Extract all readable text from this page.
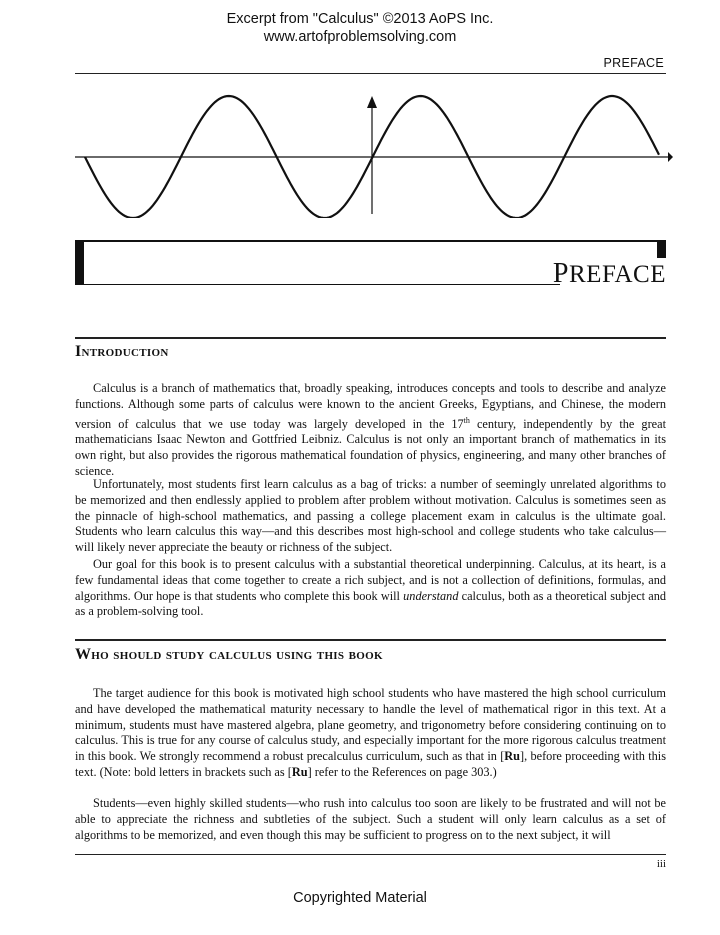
Excerpt from "Calculus" ©2013 AoPS Inc.
www.artofproblemsolving.com
PREFACE
PREFACE
Introduction

Calculus is a branch of mathematics that, broadly speaking, introduces concepts and tools to describe and analyze functions. Although some parts of calculus were known to the ancient Greeks, Egyptians, and Chinese, the modern version of calculus that we use today was largely developed in the 17th century, independently by the great mathematicians Isaac Newton and Gottfried Leibniz. Calculus is not only an important branch of mathematics in its own right, but also provides the rigorous mathematical foundation of physics, engineering, and many other branches of science.

Unfortunately, most students first learn calculus as a bag of tricks: a number of seemingly unrelated algorithms to be memorized and then endlessly applied to problem after problem without motivation. Calculus is sometimes seen as the pinnacle of high-school mathematics, and passing a college placement exam in calculus is the ultimate goal. Students who learn calculus this way—and this describes most high-school and college students who take calculus—will likely never appreciate the beauty or richness of the subject.

Our goal for this book is to present calculus with a substantial theoretical underpinning. Calculus, at its heart, is a few fundamental ideas that come together to create a rich subject, and is not a collection of definitions, formulas, and algorithms. Our hope is that students who complete this book will understand calculus, both as a theoretical subject and as a problem-solving tool.

Who should study calculus using this book

The target audience for this book is motivated high school students who have mastered the high school curriculum and have developed the mathematical maturity necessary to handle the level of mathematical rigor in this text. At a minimum, students must have mastered algebra, plane geometry, and trigonometry before considering continuing on to calculus. This is true for any course of calculus study, and especially important for the more rigorous calculus treatment in this book. We strongly recommend a robust precalculus curriculum, such as that in [Ru], before proceeding with this text. (Note: bold letters in brackets such as [Ru] refer to the References on page 303.)

Students—even highly skilled students—who rush into calculus too soon are likely to be frustrated and will not be able to appreciate the richness and subtleties of the subject. Such a student will only learn calculus as a set of algorithms to be memorized, and even though this may be sufficient to progress on to the next subject, it will

iii
Copyrighted Material
